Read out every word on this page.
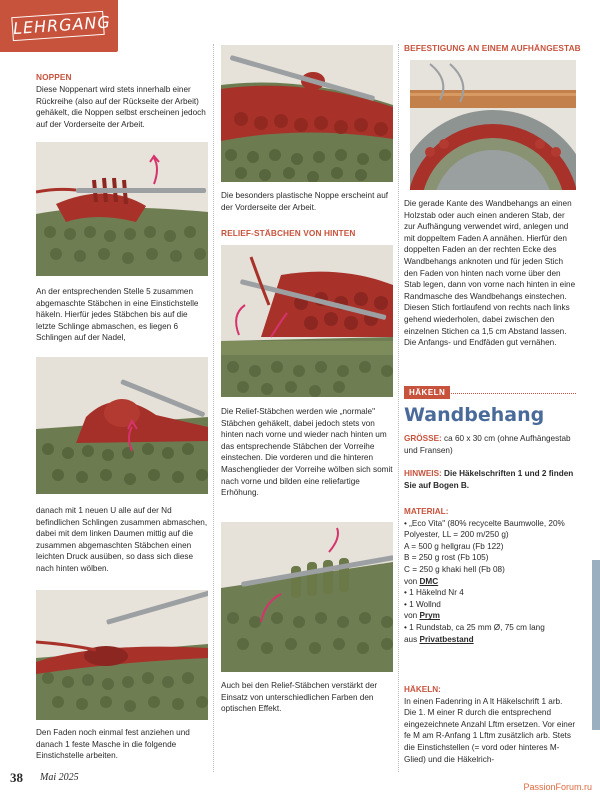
LEHRGANG
NOPPEN

Diese Noppenart wird stets innerhalb einer Rückreihe (also auf der Rückseite der Arbeit) gehäkelt, die Noppen selbst erscheinen jedoch auf der Vorderseite der Arbeit.

An der entsprechenden Stelle 5 zusammen abgemaschte Stäbchen in eine Einstichstelle häkeln. Hierfür jedes Stäbchen bis auf die letzte Schlinge abmaschen, es liegen 6 Schlingen auf der Nadel,

danach mit 1 neuen U alle auf der Nd befindlichen Schlingen zusammen abmaschen, dabei mit dem linken Daumen mittig auf die zusammen abgemaschten Stäbchen einen leichten Druck ausüben, so dass sich diese nach hinten wölben.

Den Faden noch einmal fest anziehen und danach 1 feste Masche in die folgende Einstichstelle arbeiten.

Die besonders plastische Noppe erscheint auf der Vorderseite der Arbeit.

RELIEF-STÄBCHEN VON HINTEN

Die Relief-Stäbchen werden wie „normale" Stäbchen gehäkelt, dabei jedoch stets von hinten nach vorne und wieder nach hinten um das entsprechende Stäbchen der Vorreihe einstechen. Die vorderen und die hinteren Maschenglieder der Vorreihe wölben sich somit nach vorne und bilden eine reliefartige Erhöhung.

Auch bei den Relief-Stäbchen verstärkt der Einsatz von unterschiedlichen Farben den optischen Effekt.

BEFESTIGUNG AN EINEM AUFHÄNGESTAB

Die gerade Kante des Wandbehangs an einen Holzstab oder auch einen anderen Stab, der zur Aufhängung verwendet wird, anlegen und mit doppeltem Faden A annähen. Hierfür den doppelten Faden an der rechten Ecke des Wandbehangs anknoten und für jeden Stich den Faden von hinten nach vorne über den Stab legen, dann von vorne nach hinten in eine Randmasche des Wandbehangs einstechen. Diesen Stich fortlaufend von rechts nach links gehend wiederholen, dabei zwischen den einzelnen Stichen ca 1,5 cm Abstand lassen. Die Anfangs- und Endfäden gut vernähen.

HÄKELN
Wandbehang

GRÖSSE: ca 60 x 30 cm (ohne Aufhängestab und Fransen)

HINWEIS: Die Häkelschriften 1 und 2 finden Sie auf Bogen B.

MATERIAL:
• „Eco Vita" (80% recycelte Baumwolle, 20% Polyester, LL = 200 m/250 g)
A = 500 g hellgrau (Fb 122)
B = 250 g rost (Fb 105)
C = 250 g khaki hell (Fb 08)
von DMC
• 1 Häkelnd Nr 4
• 1 Wollnd
von Prym
• 1 Rundstab, ca 25 mm Ø, 75 cm lang
aus Privatbestand

HÄKELN:
In einen Fadenring in A lt Häkelschrift 1 arb. Die 1. M einer R durch die entsprechend eingezeichnete Anzahl Lftm ersetzen. Vor einer fe M am R-Anfang 1 Lftm zusätzlich arb. Stets die Einstichstellen (= vord oder hinteres M-Glied) und die Häkelrich-

38 Mai 2025
PassionForum.ru
